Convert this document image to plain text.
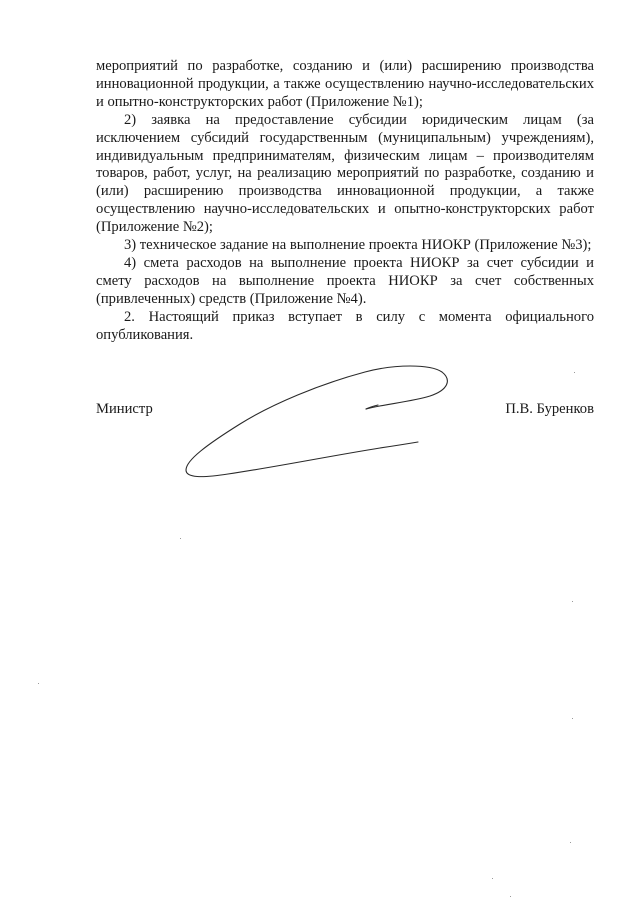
мероприятий по разработке, созданию и (или) расширению производства инновационной продукции, а также осуществлению научно-исследовательских и опытно-конструкторских работ (Приложение №1);

2) заявка на предоставление субсидии юридическим лицам (за исключением субсидий государственным (муниципальным) учреждениям), индивидуальным предпринимателям, физическим лицам – производителям товаров, работ, услуг, на реализацию мероприятий по разработке, созданию и (или) расширению производства инновационной продукции, а также осуществлению научно-исследовательских и опытно-конструкторских работ (Приложение №2);

3) техническое задание на выполнение проекта НИОКР (Приложение №3);

4) смета расходов на выполнение проекта НИОКР за счет субсидии и смету расходов на выполнение проекта НИОКР за счет собственных (привлеченных) средств (Приложение №4).

2. Настоящий приказ вступает в силу с момента официального опубликования.

Министр	П.В. Буренков
